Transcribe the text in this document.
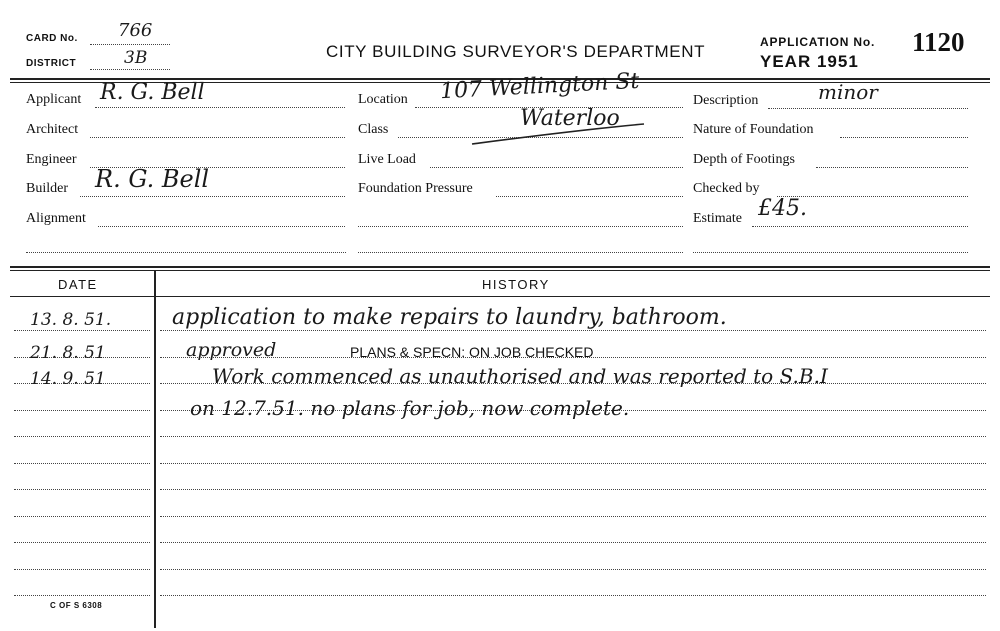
CARD No. 766
DISTRICT	3B	CITY BUILDING SURVEYOR'S DEPARTMENT	APPLICATION No. 1120
YEAR 1951
Applicant R. G. Bell
Architect
Engineer
Builder R. G. Bell
Alignment
Location 107 Wellington St
Class	Waterloo
Live Load
Foundation Pressure
Description	minor
Nature of Foundation
Depth of Footings
Checked by
Estimate £45.
DATE	HISTORY
13. 8. 51.	application to make repairs to laundry, bathroom.
21. 8. 51	approved	PLANS & SPECN: ON JOB CHECKED
14. 9. 51	Work commenced as unauthorised and was reported to S.B.I
on 12.7.51. no plans for job, now complete.
C OF S 6308
